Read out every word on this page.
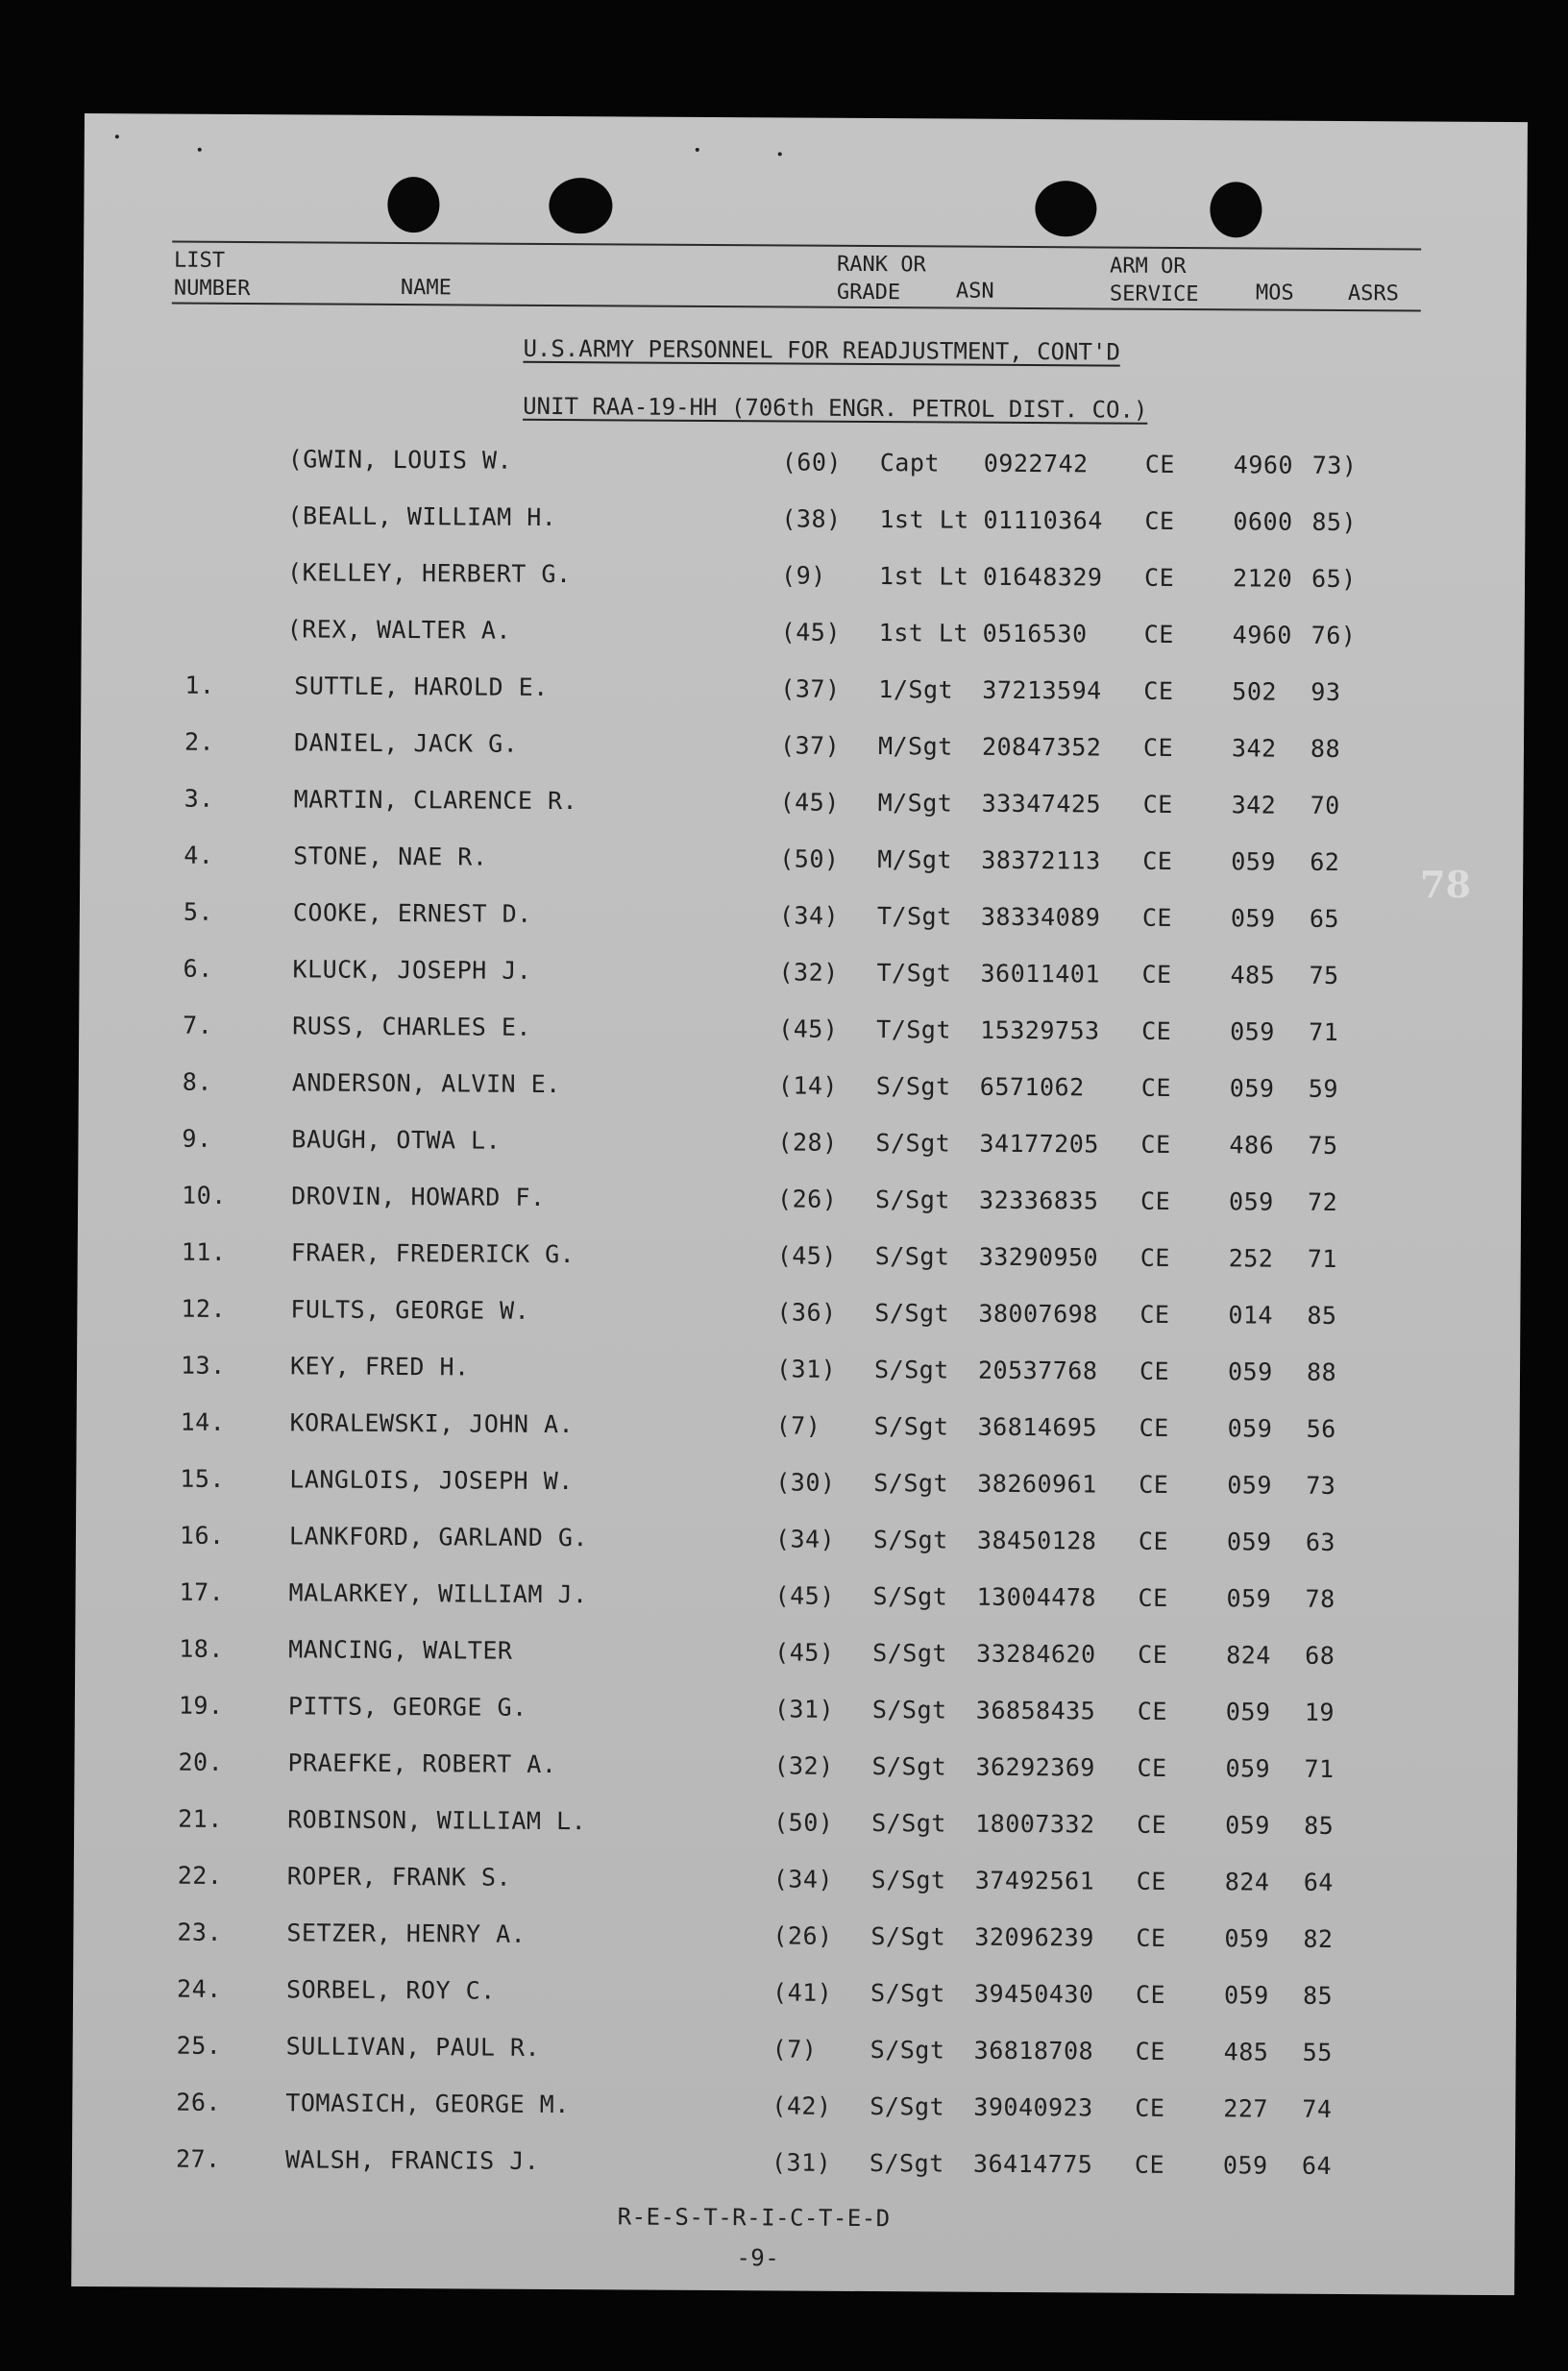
LIST NUMBER	NAME
RANK OR GRADE	ASN
ARM OR SERVICE	MOS	ASRS
U.S.ARMY PERSONNEL FOR READJUSTMENT, CONT'D
UNIT RAA-19-HH (706th ENGR. PETROL DIST. CO.)
(GWIN, LOUIS W.	(60) Capt 0922742 CE 4960 73)
(BEALL, WILLIAM H.	(38) 1st Lt 01110364 CE 0600 85)
(KELLEY, HERBERT G.	(9) 1st Lt 01648329 CE 2120 65)
(REX, WALTER A.	(45) 1st Lt 0516530 CE 4960 76)
1.	SUTTLE, HAROLD E.	(37) 1/Sgt 37213594 CE 502 93
2.	DANIEL, JACK G.	(37) M/Sgt 20847352 CE 342 88
3.	MARTIN, CLARENCE R.	(45) M/Sgt 33347425 CE 342 70
4.	STONE, NAE R.	(50) M/Sgt 38372113 CE 059 62
5.	COOKE, ERNEST D.	(34) T/Sgt 38334089 CE 059 65
6.	KLUCK, JOSEPH J.	(32) T/Sgt 36011401 CE 485 75
7.	RUSS, CHARLES E.	(45) T/Sgt 15329753 CE 059 71
8.	ANDERSON, ALVIN E.	(14) S/Sgt 6571062 CE 059 59
9.	BAUGH, OTWA L.	(28) S/Sgt 34177205 CE 486 75
10.	DROVIN, HOWARD F.	(26) S/Sgt 32336835 CE 059 72
11.	FRAER, FREDERICK G.	(45) S/Sgt 33290950 CE 252 71
12.	FULTS, GEORGE W.	(36) S/Sgt 38007698 CE 014 85
13.	KEY, FRED H.	(31) S/Sgt 20537768 CE 059 88
14.	KORALEWSKI, JOHN A.	(7) S/Sgt 36814695 CE 059 56
15.	LANGLOIS, JOSEPH W.	(30) S/Sgt 38260961 CE 059 73
16.	LANKFORD, GARLAND G.	(34) S/Sgt 38450128 CE 059 63
17.	MALARKEY, WILLIAM J.	(45) S/Sgt 13004478 CE 059 78
18.	MANCING, WALTER	(45) S/Sgt 33284620 CE 824 68
19.	PITTS, GEORGE G.	(31) S/Sgt 36858435 CE 059 19
20.	PRAEFKE, ROBERT A.	(32) S/Sgt 36292369 CE 059 71
21.	ROBINSON, WILLIAM L.	(50) S/Sgt 18007332 CE 059 85
22.	ROPER, FRANK S.	(34) S/Sgt 37492561 CE 824 64
23.	SETZER, HENRY A.	(26) S/Sgt 32096239 CE 059 82
24.	SORBEL, ROY C.	(41) S/Sgt 39450430 CE 059 85
25.	SULLIVAN, PAUL R.	(7) S/Sgt 36818708 CE 485 55
26.	TOMASICH, GEORGE M.	(42) S/Sgt 39040923 CE 227 74
27.	WALSH, FRANCIS J.	(31) S/Sgt 36414775 CE 059 64
R-E-S-T-R-I-C-T-E-D
-9-
78
